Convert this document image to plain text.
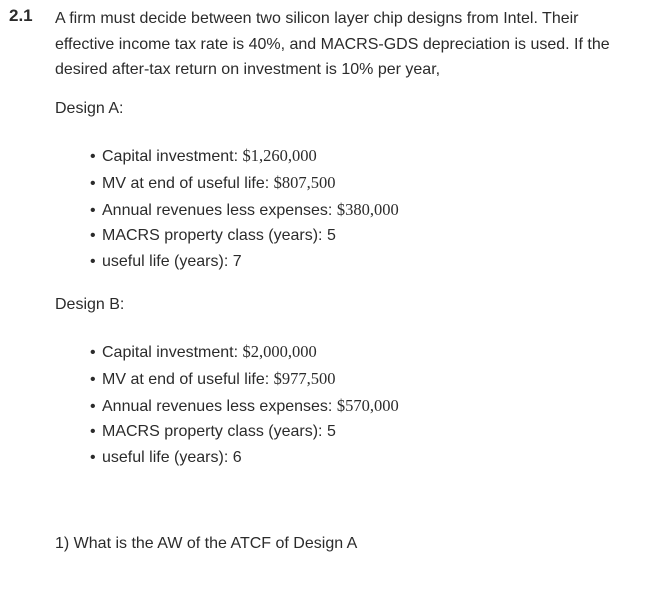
2.1 A firm must decide between two silicon layer chip designs from Intel. Their effective income tax rate is 40%, and MACRS-GDS depreciation is used. If the desired after-tax return on investment is 10% per year,

Design A:

• Capital investment: $1,260,000
• MV at end of useful life: $807,500
• Annual revenues less expenses: $380,000
• MACRS property class (years): 5
• useful life (years): 7

Design B:

• Capital investment: $2,000,000
• MV at end of useful life: $977,500
• Annual revenues less expenses: $570,000
• MACRS property class (years): 5
• useful life (years): 6

1) What is the AW of the ATCF of Design A
